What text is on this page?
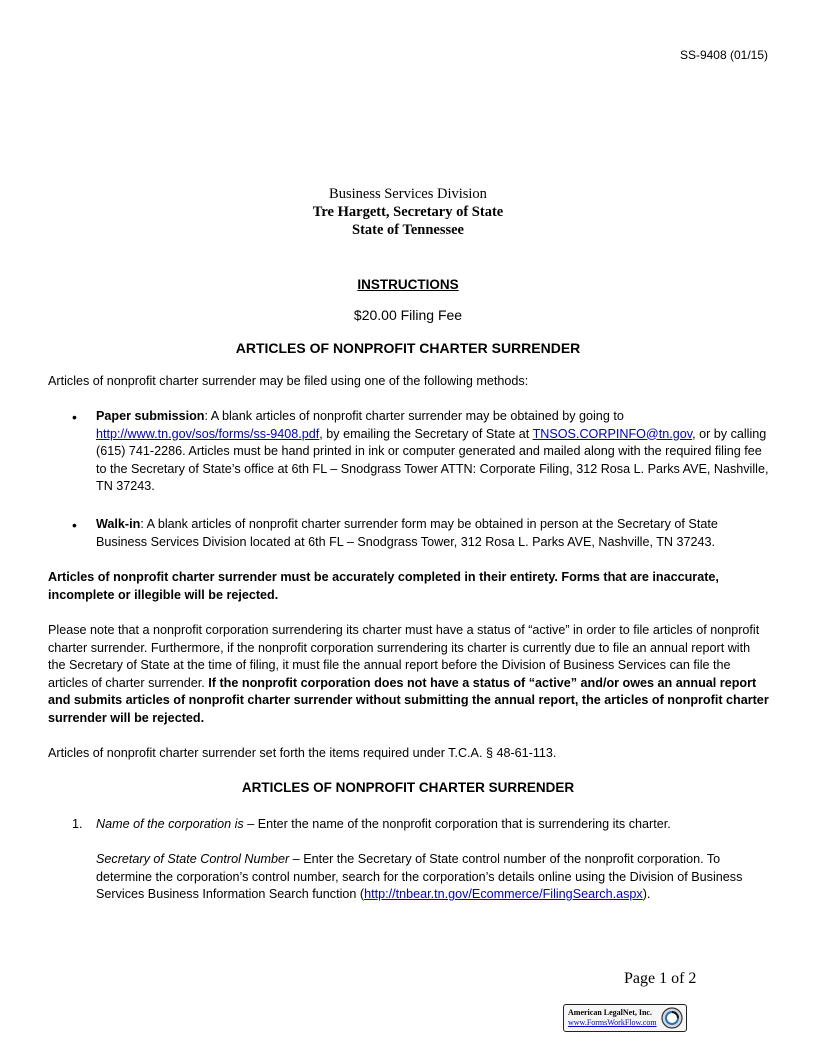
SS-9408 (01/15)
Business Services Division
Tre Hargett, Secretary of State
State of Tennessee
INSTRUCTIONS
$20.00 Filing Fee
ARTICLES OF NONPROFIT CHARTER SURRENDER
Articles of nonprofit charter surrender may be filed using one of the following methods:
• Paper submission: A blank articles of nonprofit charter surrender may be obtained by going to
http://www.tn.gov/sos/forms/ss-9408.pdf, by emailing the Secretary of State at TNSOS.CORPINFO@tn.gov, or by calling (615) 741-2286. Articles must be hand printed in ink or computer generated and mailed along with the required filing fee to the Secretary of State’s office at 6th FL – Snodgrass Tower ATTN: Corporate Filing, 312 Rosa L. Parks AVE, Nashville, TN 37243.
• Walk-in: A blank articles of nonprofit charter surrender form may be obtained in person at the Secretary of State Business Services Division located at 6th FL – Snodgrass Tower, 312 Rosa L. Parks AVE, Nashville, TN 37243.
Articles of nonprofit charter surrender must be accurately completed in their entirety. Forms that are inaccurate, incomplete or illegible will be rejected.
Please note that a nonprofit corporation surrendering its charter must have a status of “active” in order to file articles of nonprofit charter surrender. Furthermore, if the nonprofit corporation surrendering its charter is currently due to file an annual report with the Secretary of State at the time of filing, it must file the annual report before the Division of Business Services can file the articles of charter surrender. If the nonprofit corporation does not have a status of “active” and/or owes an annual report and submits articles of nonprofit charter surrender without submitting the annual report, the articles of nonprofit charter surrender will be rejected.
Articles of nonprofit charter surrender set forth the items required under T.C.A. § 48-61-113.
ARTICLES OF NONPROFIT CHARTER SURRENDER
1. Name of the corporation is – Enter the name of the nonprofit corporation that is surrendering its charter.
Secretary of State Control Number – Enter the Secretary of State control number of the nonprofit corporation. To determine the corporation’s control number, search for the corporation’s details online using the Division of Business Services Business Information Search function (http://tnbear.tn.gov/Ecommerce/FilingSearch.aspx).
Page 1 of 2
American LegalNet, Inc.
www.FormsWorkFlow.com
